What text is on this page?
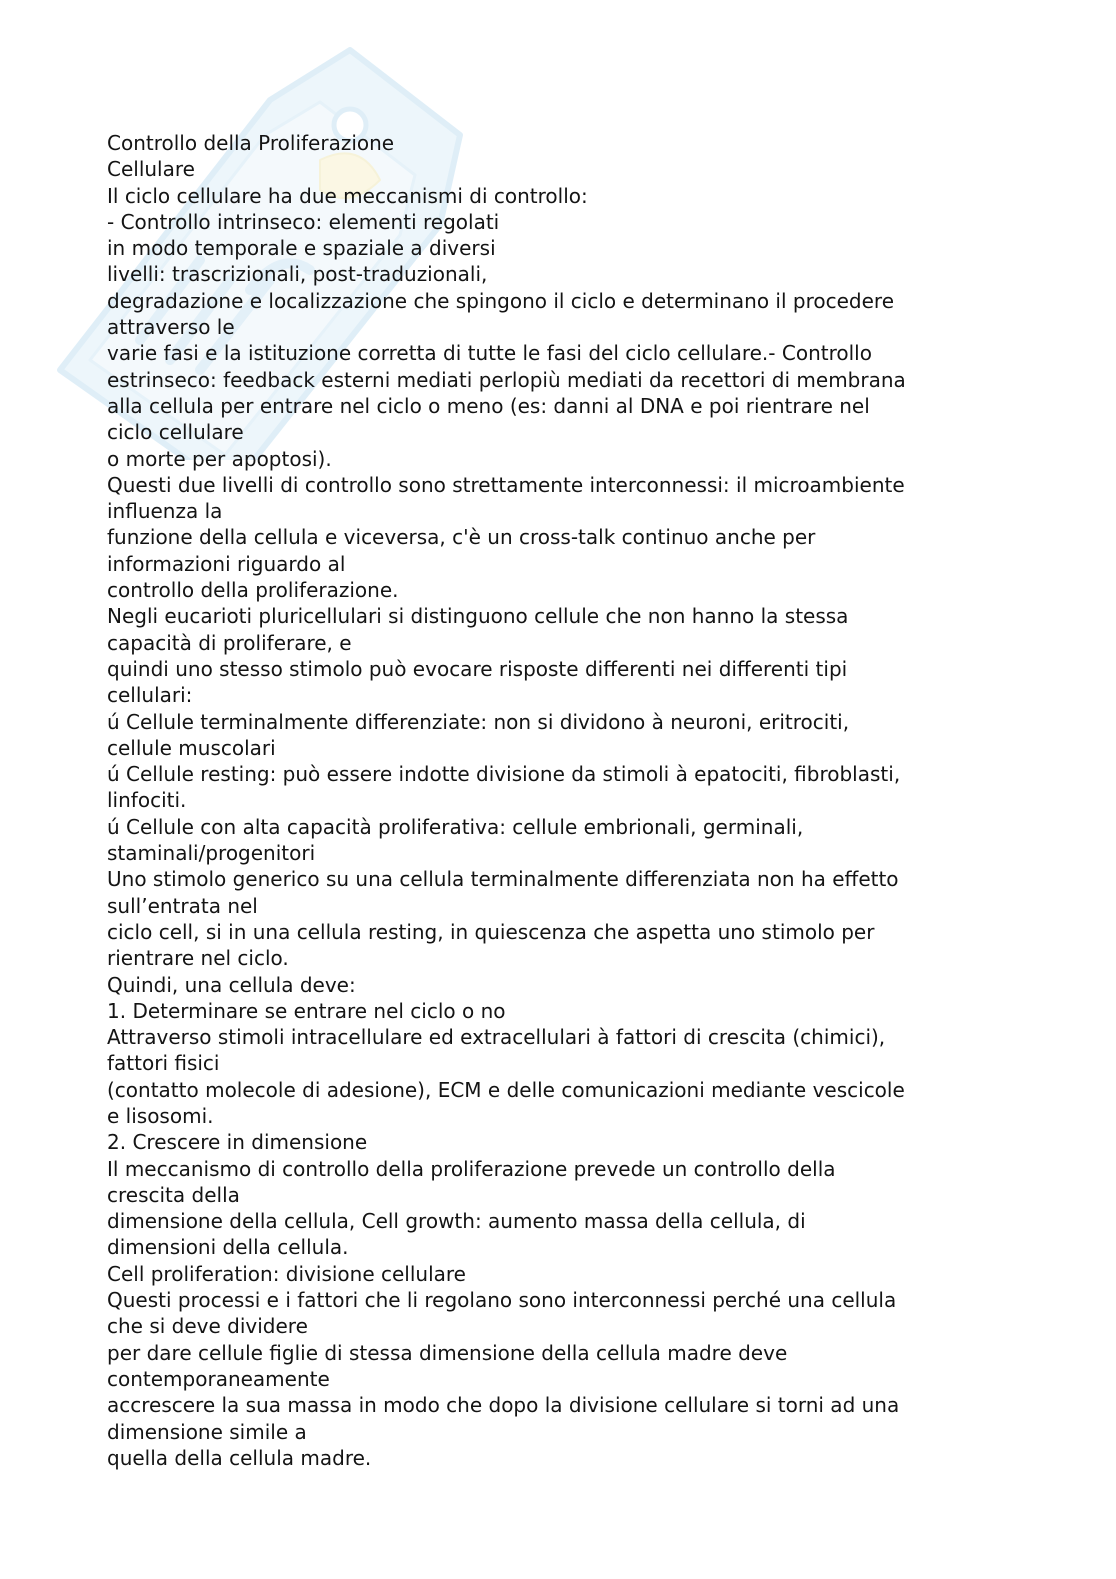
Controllo della Proliferazione
Cellulare
Il ciclo cellulare ha due meccanismi di controllo:
- Controllo intrinseco: elementi regolati
in modo temporale e spaziale a diversi
livelli: trascrizionali, post-traduzionali,
degradazione e localizzazione che spingono il ciclo e determinano il procedere
attraverso le
varie fasi e la istituzione corretta di tutte le fasi del ciclo cellulare.- Controllo
estrinseco: feedback esterni mediati perlopiù mediati da recettori di membrana
alla cellula per entrare nel ciclo o meno (es: danni al DNA e poi rientrare nel
ciclo cellulare
o morte per apoptosi).
Questi due livelli di controllo sono strettamente interconnessi: il microambiente
influenza la
funzione della cellula e viceversa, c'è un cross-talk continuo anche per
informazioni riguardo al
controllo della proliferazione.
Negli eucarioti pluricellulari si distinguono cellule che non hanno la stessa
capacità di proliferare, e
quindi uno stesso stimolo può evocare risposte differenti nei differenti tipi
cellulari:
ú Cellule terminalmente differenziate: non si dividono à neuroni, eritrociti,
cellule muscolari
ú Cellule resting: può essere indotte divisione da stimoli à epatociti, fibroblasti,
linfociti.
ú Cellule con alta capacità proliferativa: cellule embrionali, germinali,
staminali/progenitori
Uno stimolo generico su una cellula terminalmente differenziata non ha effetto
sull’entrata nel
ciclo cell, si in una cellula resting, in quiescenza che aspetta uno stimolo per
rientrare nel ciclo.
Quindi, una cellula deve:
1. Determinare se entrare nel ciclo o no
Attraverso stimoli intracellulare ed extracellulari à fattori di crescita (chimici),
fattori fisici
(contatto molecole di adesione), ECM e delle comunicazioni mediante vescicole
e lisosomi.
2. Crescere in dimensione
Il meccanismo di controllo della proliferazione prevede un controllo della
crescita della
dimensione della cellula, Cell growth: aumento massa della cellula, di
dimensioni della cellula.
Cell proliferation: divisione cellulare
Questi processi e i fattori che li regolano sono interconnessi perché una cellula
che si deve dividere
per dare cellule figlie di stessa dimensione della cellula madre deve
contemporaneamente
accrescere la sua massa in modo che dopo la divisione cellulare si torni ad una
dimensione simile a
quella della cellula madre.
